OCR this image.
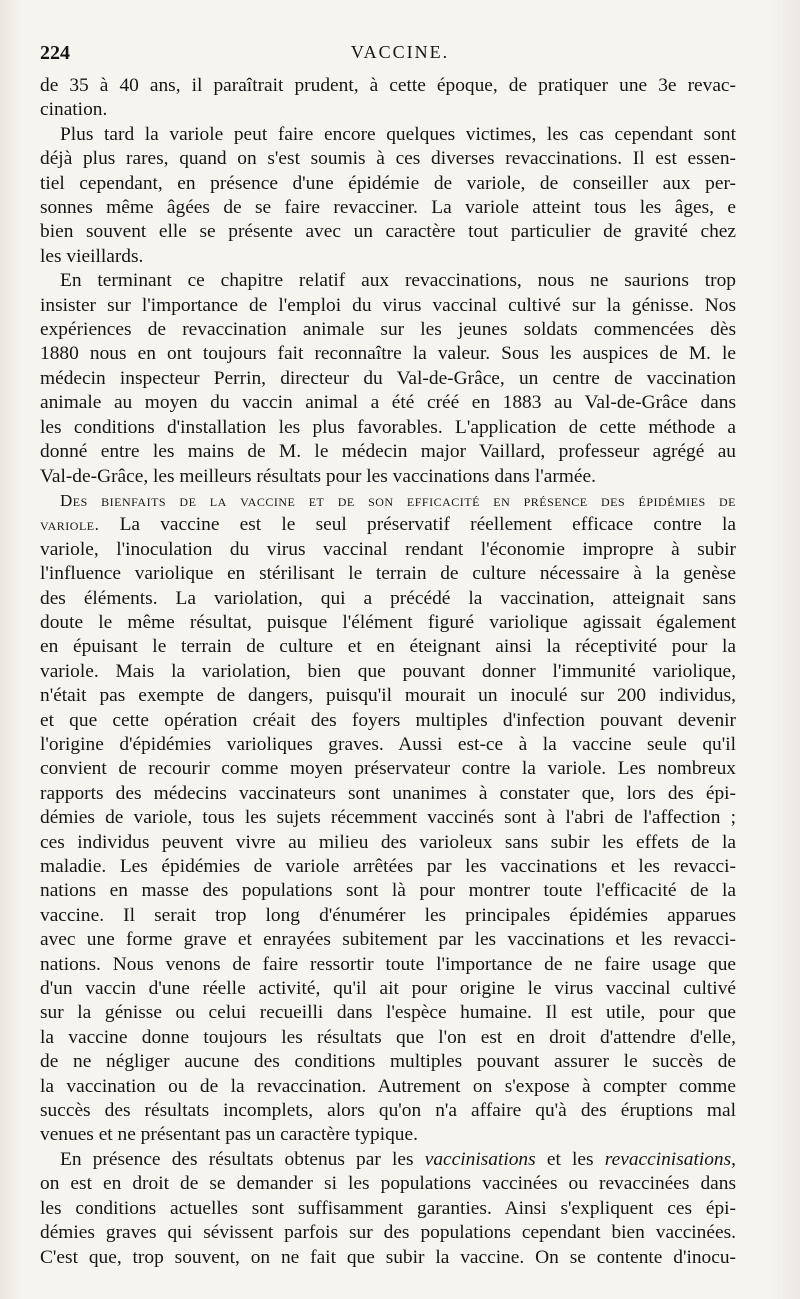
224	VACCINE.

de 35 à 40 ans, il paraîtrait prudent, à cette époque, de pratiquer une 3e revac-
cination.

Plus tard la variole peut faire encore quelques victimes, les cas cependant sont
déjà plus rares, quand on s'est soumis à ces diverses revaccinations. Il est essen-
tiel cependant, en présence d'une épidémie de variole, de conseiller aux per-
sonnes même âgées de se faire revacciner. La variole atteint tous les âges, e
bien souvent elle se présente avec un caractère tout particulier de gravité chez
les vieillards.

En terminant ce chapitre relatif aux revaccinations, nous ne saurions trop
insister sur l'importance de l'emploi du virus vaccinal cultivé sur la génisse. Nos
expériences de revaccination animale sur les jeunes soldats commencées dès
1880 nous en ont toujours fait reconnaître la valeur. Sous les auspices de M. le
médecin inspecteur Perrin, directeur du Val-de-Grâce, un centre de vaccination
animale au moyen du vaccin animal a été créé en 1883 au Val-de-Grâce dans
les conditions d'installation les plus favorables. L'application de cette méthode a
donné entre les mains de M. le médecin major Vaillard, professeur agrégé au
Val-de-Grâce, les meilleurs résultats pour les vaccinations dans l'armée.

Des bienfaits de la vaccine et de son efficacité en présence des épidémies de
variole. La vaccine est le seul préservatif réellement efficace contre la
variole, l'inoculation du virus vaccinal rendant l'économie impropre à subir
l'influence variolique en stérilisant le terrain de culture nécessaire à la genèse
des éléments. La variolation, qui a précédé la vaccination, atteignait sans
doute le même résultat, puisque l'élément figuré variolique agissait également
en épuisant le terrain de culture et en éteignant ainsi la réceptivité pour la
variole. Mais la variolation, bien que pouvant donner l'immunité variolique,
n'était pas exempte de dangers, puisqu'il mourait un inoculé sur 200 individus,
et que cette opération créait des foyers multiples d'infection pouvant devenir
l'origine d'épidémies varioliques graves. Aussi est-ce à la vaccine seule qu'il
convient de recourir comme moyen préservateur contre la variole. Les nombreux
rapports des médecins vaccinateurs sont unanimes à constater que, lors des épi-
démies de variole, tous les sujets récemment vaccinés sont à l'abri de l'affection ;
ces individus peuvent vivre au milieu des varioleux sans subir les effets de la
maladie. Les épidémies de variole arrêtées par les vaccinations et les revacci-
nations en masse des populations sont là pour montrer toute l'efficacité de la
vaccine. Il serait trop long d'énumérer les principales épidémies apparues
avec une forme grave et enrayées subitement par les vaccinations et les revacci-
nations. Nous venons de faire ressortir toute l'importance de ne faire usage que
d'un vaccin d'une réelle activité, qu'il ait pour origine le virus vaccinal cultivé
sur la génisse ou celui recueilli dans l'espèce humaine. Il est utile, pour que
la vaccine donne toujours les résultats que l'on est en droit d'attendre d'elle,
de ne négliger aucune des conditions multiples pouvant assurer le succès de
la vaccination ou de la revaccination. Autrement on s'expose à compter comme
succès des résultats incomplets, alors qu'on n'a affaire qu'à des éruptions mal
venues et ne présentant pas un caractère typique.

En présence des résultats obtenus par les vaccinisations et les revaccinisations,
on est en droit de se demander si les populations vaccinées ou revaccinées dans
les conditions actuelles sont suffisamment garanties. Ainsi s'expliquent ces épi-
démies graves qui sévissent parfois sur des populations cependant bien vaccinées.
C'est que, trop souvent, on ne fait que subir la vaccine. On se contente d'inocu-
